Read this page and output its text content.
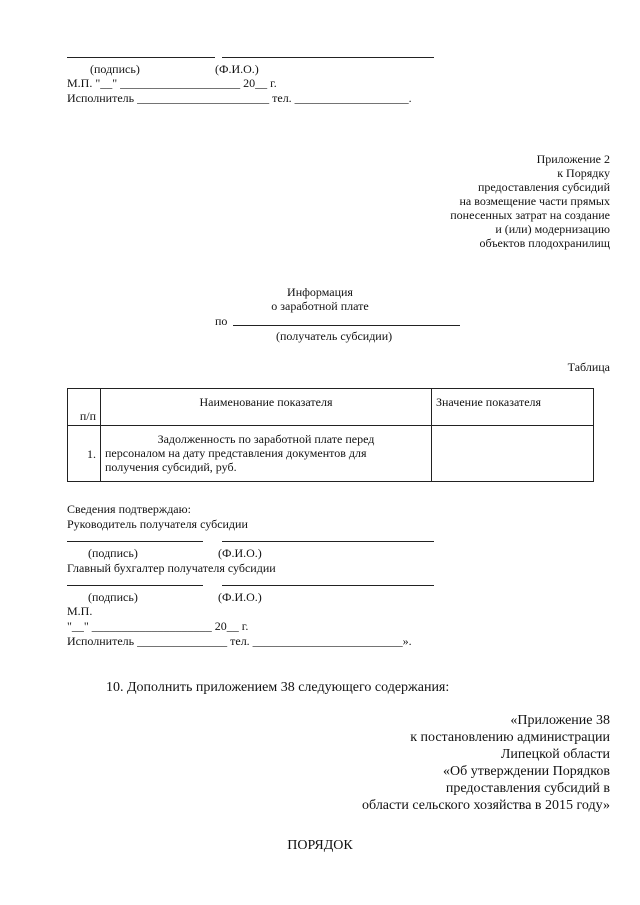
(подпись)	(Ф.И.О.)
М.П. "__" ____________________ 20__ г.
Исполнитель ______________________ тел. ___________________.
Приложение 2
к Порядку
предоставления субсидий
на возмещение части прямых
понесенных затрат на создание
и (или) модернизацию
объектов плодохранилищ
Информация
о заработной плате
по
(получатель субсидии)
Таблица
п/п	Наименование показателя	Значение показателя
1.	Задолженность по заработной плате перед
персоналом на дату представления документов для
получения субсидий, руб.	

Сведения подтверждаю:
Руководитель получателя субсидии
(подпись)	(Ф.И.О.)
Главный бухгалтер получателя субсидии
(подпись)	(Ф.И.О.)
М.П.
"__" ____________________ 20__ г.
Исполнитель _______________ тел. _________________________».
10. Дополнить приложением 38 следующего содержания:
«Приложение 38
к постановлению администрации
Липецкой области
«Об утверждении Порядков
предоставления субсидий в
области сельского хозяйства в 2015 году»
ПОРЯДОК
